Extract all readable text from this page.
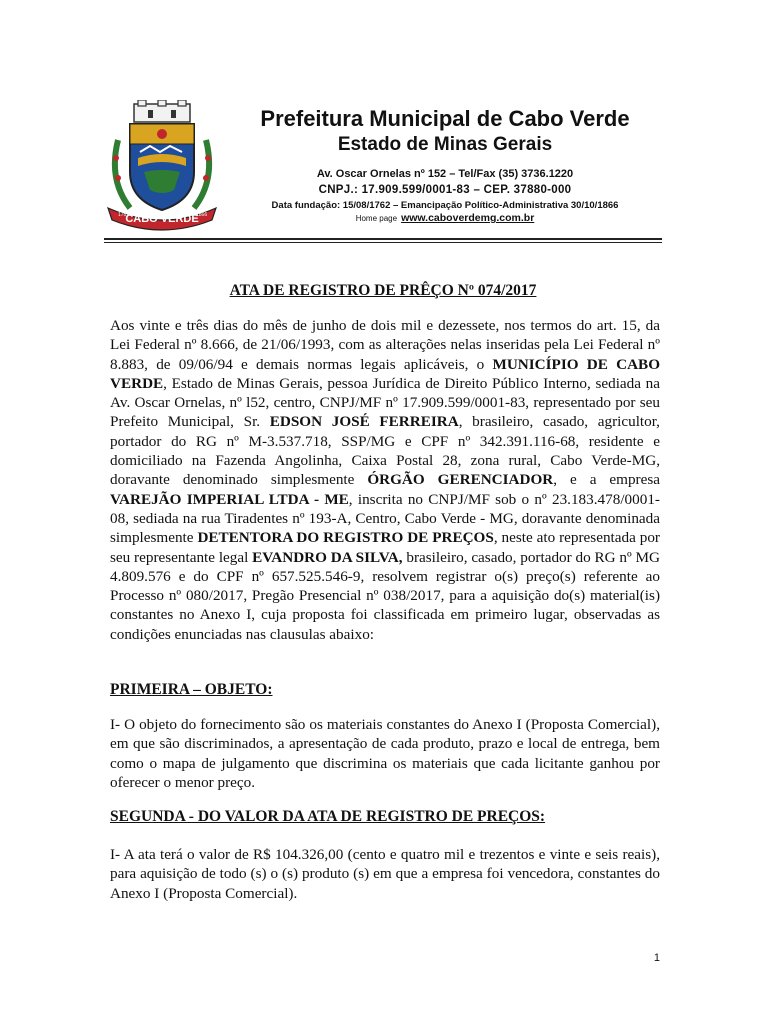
CABO VERDE
1762	1866
Prefeitura Municipal de Cabo Verde
Estado de Minas Gerais
Av. Oscar Ornelas nº 152 – Tel/Fax (35) 3736.1220
CNPJ.: 17.909.599/0001-83 – CEP. 37880-000
Data fundação: 15/08/1762 – Emancipação Político-Administrativa 30/10/1866
Home page www.caboverdemg.com.br
ATA DE REGISTRO DE PRÊÇO Nº 074/2017
Aos vinte e três dias do mês de junho de dois mil e dezessete, nos termos do art. 15, da Lei Federal nº 8.666, de 21/06/1993, com as alterações nelas inseridas pela Lei Federal nº 8.883, de 09/06/94 e demais normas legais aplicáveis, o MUNICÍPIO DE CABO VERDE, Estado de Minas Gerais, pessoa Jurídica de Direito Público Interno, sediada na Av. Oscar Ornelas, nº l52, centro, CNPJ/MF nº 17.909.599/0001-83, representado por seu Prefeito Municipal, Sr. EDSON JOSÉ FERREIRA, brasileiro, casado, agricultor, portador do RG nº M-3.537.718, SSP/MG e CPF nº 342.391.116-68, residente e domiciliado na Fazenda Angolinha, Caixa Postal 28, zona rural, Cabo Verde-MG, doravante denominado simplesmente ÓRGÃO GERENCIADOR, e a empresa VAREJÃO IMPERIAL LTDA - ME, inscrita no CNPJ/MF sob o nº 23.183.478/0001-08, sediada na rua Tiradentes nº 193-A, Centro, Cabo Verde - MG, doravante denominada simplesmente DETENTORA DO REGISTRO DE PREÇOS, neste ato representada por seu representante legal EVANDRO DA SILVA, brasileiro, casado, portador do RG nº MG 4.809.576 e do CPF nº 657.525.546-9, resolvem registrar o(s) preço(s) referente ao Processo nº 080/2017, Pregão Presencial nº 038/2017, para a aquisição do(s) material(is) constantes no Anexo I, cuja proposta foi classificada em primeiro lugar, observadas as condições enunciadas nas clausulas abaixo:
PRIMEIRA – OBJETO:
I- O objeto do fornecimento são os materiais constantes do Anexo I (Proposta Comercial), em que são discriminados, a apresentação de cada produto, prazo e local de entrega, bem como o mapa de julgamento que discrimina os materiais que cada licitante ganhou por oferecer o menor preço.
SEGUNDA - DO VALOR DA ATA DE REGISTRO DE PREÇOS:
I- A ata terá o valor de R$ 104.326,00 (cento e quatro mil e trezentos e vinte e seis reais), para aquisição de todo (s) o (s) produto (s) em que a empresa foi vencedora, constantes do Anexo I (Proposta Comercial).
1
